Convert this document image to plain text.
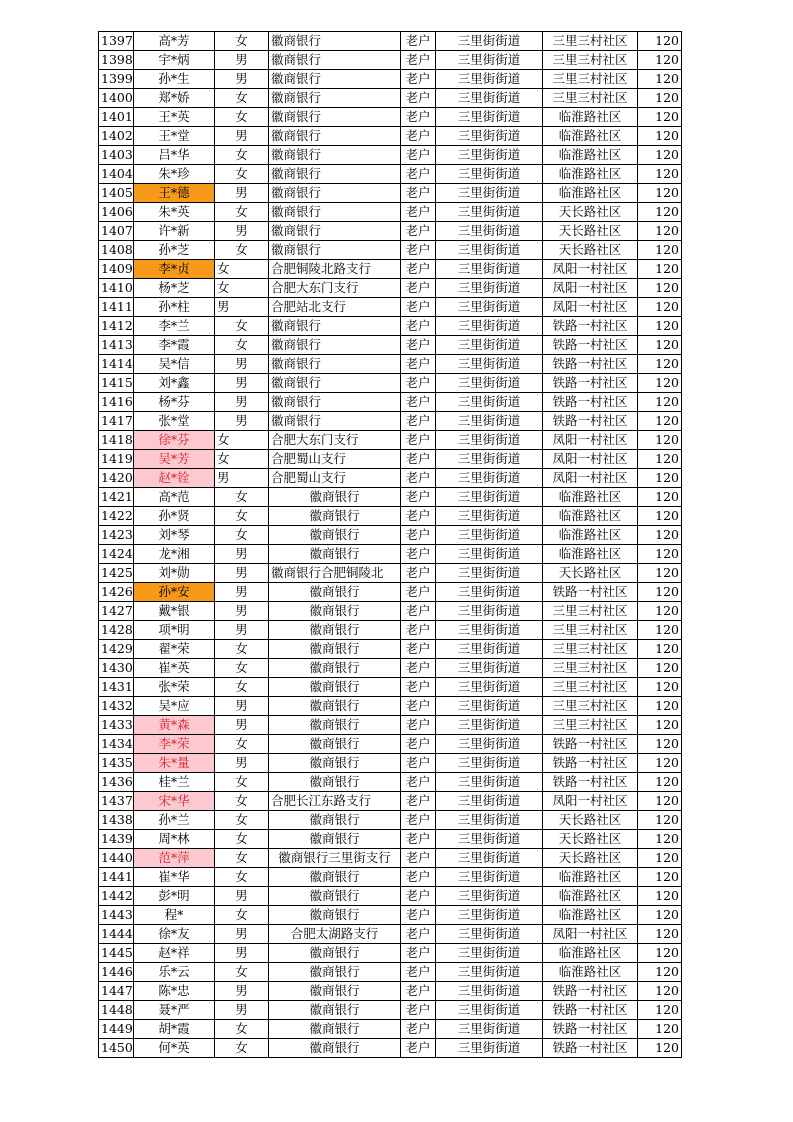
1397	高*芳	女	徽商银行	老户	三里街街道	三里三村社区	120
1398	宇*炳	男	徽商银行	老户	三里街街道	三里三村社区	120
1399	孙*生	男	徽商银行	老户	三里街街道	三里三村社区	120
1400	郑*娇	女	徽商银行	老户	三里街街道	三里三村社区	120
1401	王*英	女	徽商银行	老户	三里街街道	临淮路社区	120
1402	王*堂	男	徽商银行	老户	三里街街道	临淮路社区	120
1403	吕*华	女	徽商银行	老户	三里街街道	临淮路社区	120
1404	朱*珍	女	徽商银行	老户	三里街街道	临淮路社区	120
1405	王*德	男	徽商银行	老户	三里街街道	临淮路社区	120
1406	朱*英	女	徽商银行	老户	三里街街道	天长路社区	120
1407	许*新	男	徽商银行	老户	三里街街道	天长路社区	120
1408	孙*芝	女	徽商银行	老户	三里街街道	天长路社区	120
1409	李*贞	女	合肥铜陵北路支行	老户	三里街街道	凤阳一村社区	120
1410	杨*芝	女	合肥大东门支行	老户	三里街街道	凤阳一村社区	120
1411	孙*柱	男	合肥站北支行	老户	三里街街道	凤阳一村社区	120
1412	李*兰	女	徽商银行	老户	三里街街道	铁路一村社区	120
1413	李*霞	女	徽商银行	老户	三里街街道	铁路一村社区	120
1414	吴*信	男	徽商银行	老户	三里街街道	铁路一村社区	120
1415	刘*鑫	男	徽商银行	老户	三里街街道	铁路一村社区	120
1416	杨*芬	男	徽商银行	老户	三里街街道	铁路一村社区	120
1417	张*堂	男	徽商银行	老户	三里街街道	铁路一村社区	120
1418	徐*芬	女	合肥大东门支行	老户	三里街街道	凤阳一村社区	120
1419	吴*芳	女	合肥蜀山支行	老户	三里街街道	凤阳一村社区	120
1420	赵*铨	男	合肥蜀山支行	老户	三里街街道	凤阳一村社区	120
1421	高*范	女	徽商银行	老户	三里街街道	临淮路社区	120
1422	孙*贤	女	徽商银行	老户	三里街街道	临淮路社区	120
1423	刘*琴	女	徽商银行	老户	三里街街道	临淮路社区	120
1424	龙*湘	男	徽商银行	老户	三里街街道	临淮路社区	120
1425	刘*勋	男	徽商银行合肥铜陵北	老户	三里街街道	天长路社区	120
1426	孙*安	男	徽商银行	老户	三里街街道	铁路一村社区	120
1427	戴*银	男	徽商银行	老户	三里街街道	三里三村社区	120
1428	项*明	男	徽商银行	老户	三里街街道	三里三村社区	120
1429	翟*荣	女	徽商银行	老户	三里街街道	三里三村社区	120
1430	崔*英	女	徽商银行	老户	三里街街道	三里三村社区	120
1431	张*荣	女	徽商银行	老户	三里街街道	三里三村社区	120
1432	吴*应	男	徽商银行	老户	三里街街道	三里三村社区	120
1433	黄*森	男	徽商银行	老户	三里街街道	三里三村社区	120
1434	李*荣	女	徽商银行	老户	三里街街道	铁路一村社区	120
1435	朱*量	男	徽商银行	老户	三里街街道	铁路一村社区	120
1436	桂*兰	女	徽商银行	老户	三里街街道	铁路一村社区	120
1437	宋*华	女	合肥长江东路支行	老户	三里街街道	凤阳一村社区	120
1438	孙*兰	女	徽商银行	老户	三里街街道	天长路社区	120
1439	周*林	女	徽商银行	老户	三里街街道	天长路社区	120
1440	范*萍	女	徽商银行三里街支行	老户	三里街街道	天长路社区	120
1441	崔*华	女	徽商银行	老户	三里街街道	临淮路社区	120
1442	彭*明	男	徽商银行	老户	三里街街道	临淮路社区	120
1443	程*	女	徽商银行	老户	三里街街道	临淮路社区	120
1444	徐*友	男	合肥太湖路支行	老户	三里街街道	凤阳一村社区	120
1445	赵*祥	男	徽商银行	老户	三里街街道	临淮路社区	120
1446	乐*云	女	徽商银行	老户	三里街街道	临淮路社区	120
1447	陈*忠	男	徽商银行	老户	三里街街道	铁路一村社区	120
1448	聂*严	男	徽商银行	老户	三里街街道	铁路一村社区	120
1449	胡*霞	女	徽商银行	老户	三里街街道	铁路一村社区	120
1450	何*英	女	徽商银行	老户	三里街街道	铁路一村社区	120
